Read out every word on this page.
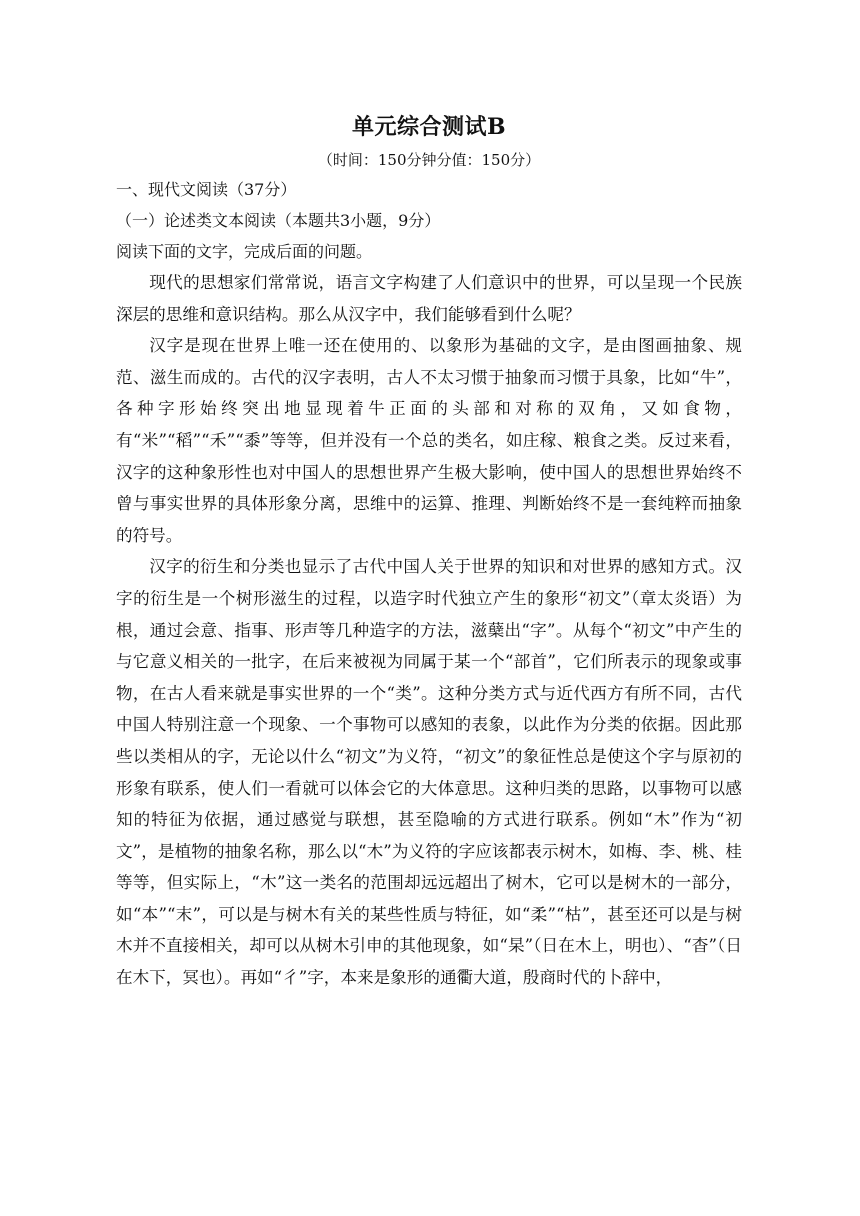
单元综合测试B

（时间：150分钟分值：150分）

一、现代文阅读（37分）

（一）论述类文本阅读（本题共3小题，9分）

阅读下面的文字，完成后面的问题。

现代的思想家们常常说，语言文字构建了人们意识中的世界，可以呈现一个民族深层的思维和意识结构。那么从汉字中，我们能够看到什么呢？

汉字是现在世界上唯一还在使用的、以象形为基础的文字，是由图画抽象、规范、滋生而成的。古代的汉字表明，古人不太习惯于抽象而习惯于具象，比如“牛”，各种字形始终突出地显现着牛正面的头部和对称的双角，又如食物，有“米”“稻”“禾”“黍”等等，但并没有一个总的类名，如庄稼、粮食之类。反过来看，汉字的这种象形性也对中国人的思想世界产生极大影响，使中国人的思想世界始终不曾与事实世界的具体形象分离，思维中的运算、推理、判断始终不是一套纯粹而抽象的符号。

汉字的衍生和分类也显示了古代中国人关于世界的知识和对世界的感知方式。汉字的衍生是一个树形滋生的过程，以造字时代独立产生的象形“初文”（章太炎语）为根，通过会意、指事、形声等几种造字的方法，滋蘖出“字”。从每个“初文”中产生的与它意义相关的一批字，在后来被视为同属于某一个“部首”，它们所表示的现象或事物，在古人看来就是事实世界的一个“类”。这种分类方式与近代西方有所不同，古代中国人特别注意一个现象、一个事物可以感知的表象，以此作为分类的依据。因此那些以类相从的字，无论以什么“初文”为义符，“初文”的象征性总是使这个字与原初的形象有联系，使人们一看就可以体会它的大体意思。这种归类的思路，以事物可以感知的特征为依据，通过感觉与联想，甚至隐喻的方式进行联系。例如“木”作为“初文”，是植物的抽象名称，那么以“木”为义符的字应该都表示树木，如梅、李、桃、桂等等，但实际上，“木”这一类名的范围却远远超出了树木，它可以是树木的一部分，如“本”“末”，可以是与树木有关的某些性质与特征，如“柔”“枯”，甚至还可以是与树木并不直接相关，却可以从树木引申的其他现象，如“杲”（日在木上，明也）、“杳”（日在木下，冥也）。再如“彳”字，本来是象形的通衢大道，殷商时代的卜辞中，
